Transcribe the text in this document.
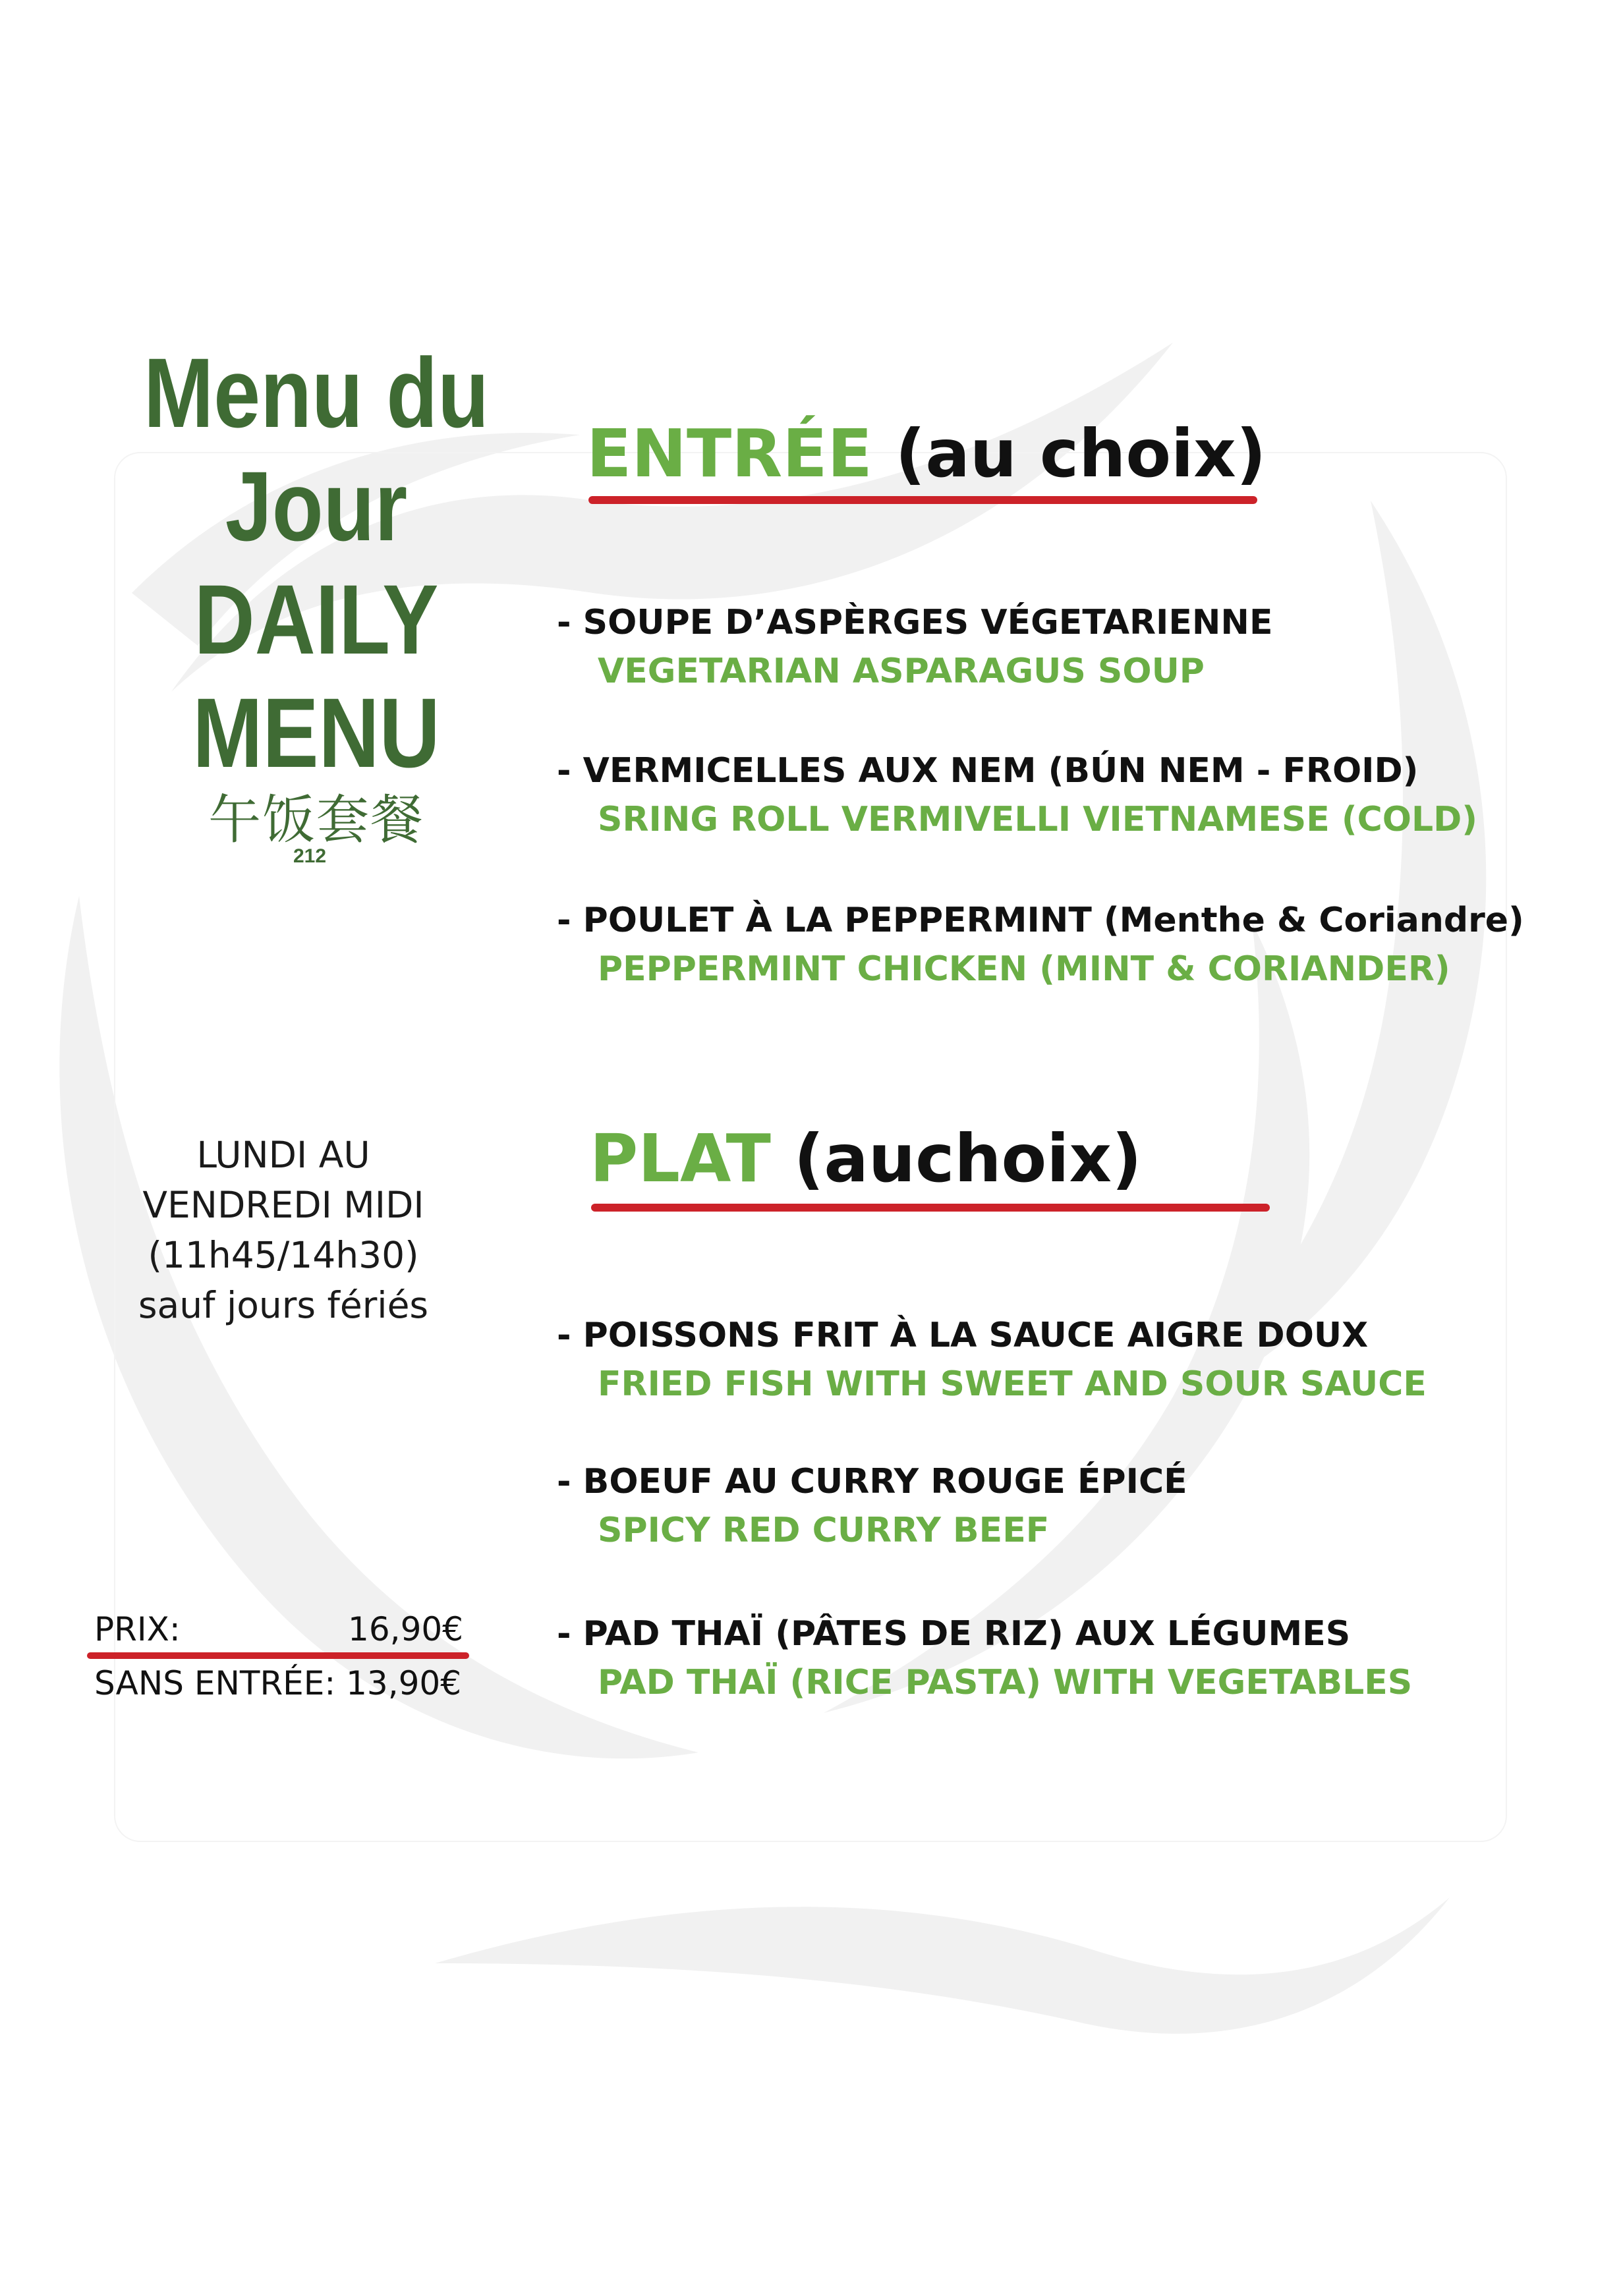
Menu du
Jour
DAILY
MENU
午饭套餐
212
LUNDI AU
VENDREDI MIDI
(11h45/14h30)
sauf jours fériés
PRIX:	16,90€
SANS ENTRÉE: 13,90€
ENTRÉE (au choix)
- SOUPE D’ASPÈRGES VÉGETARIENNE
VEGETARIAN ASPARAGUS SOUP
- VERMICELLES AUX NEM (BÚN NEM - FROID)
SRING ROLL VERMIVELLI VIETNAMESE (COLD)
- POULET À LA PEPPERMINT (Menthe & Coriandre)
PEPPERMINT CHICKEN (MINT & CORIANDER)
PLAT (auchoix)
- POISSONS FRIT À LA SAUCE AIGRE DOUX
FRIED FISH WITH SWEET AND SOUR SAUCE
- BOEUF AU CURRY ROUGE ÉPICÉ
SPICY RED CURRY BEEF
- PAD THAÏ (PÂTES DE RIZ) AUX LÉGUMES
PAD THAÏ (RICE PASTA) WITH VEGETABLES
